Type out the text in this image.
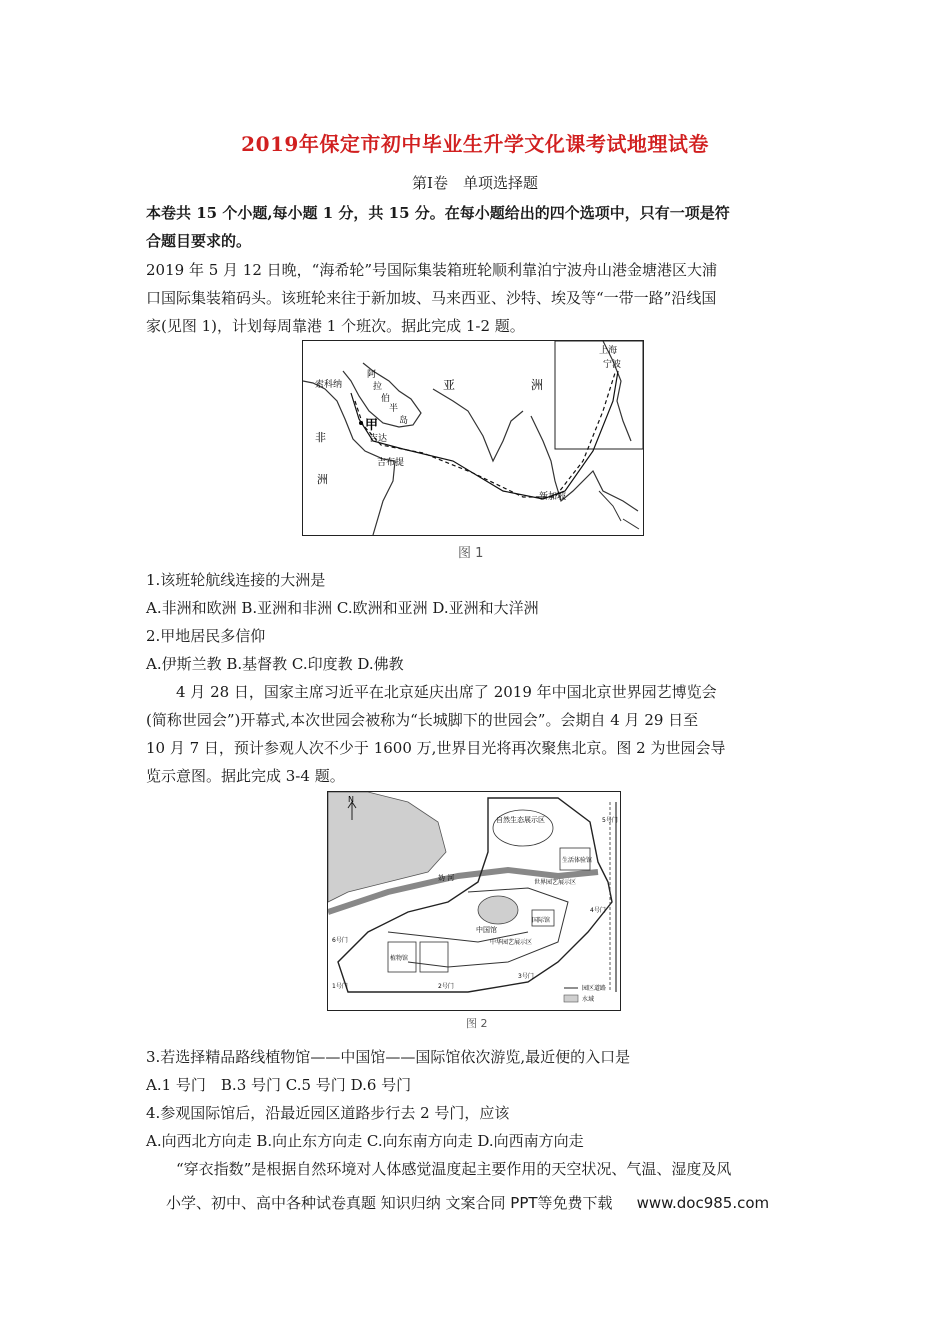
2019年保定市初中毕业生升学文化课考试地理试卷
第Ⅰ卷　单项选择题
本卷共 15 个小题,每小题 1 分，共 15 分。在每小题给出的四个选项中，只有一项是符
合题目要求的。
2019 年 5 月 12 日晚，“海希轮”号国际集装箱班轮顺利靠泊宁波舟山港金塘港区大浦
口国际集装箱码头。该班轮来往于新加坡、马来西亚、沙特、埃及等“一带一路”沿线国
家(见图 1)，计划每周靠港 1 个班次。据此完成 1-2 题。
亚	洲
非
洲
阿
拉
伯
半
岛
索科纳
甲
吉达
吉布提
新加坡
上海
宁波
图 1
1.该班轮航线连接的大洲是
A.非洲和欧洲 B.亚洲和非洲 C.欧洲和亚洲 D.亚洲和大洋洲
2.甲地居民多信仰
A.伊斯兰教 B.基督教 C.印度教 D.佛教
　　4 月 28 日，国家主席习近平在北京延庆出席了 2019 年中国北京世界园艺博览会
(简称世园会”)开幕式,本次世园会被称为“长城脚下的世园会”。会期自 4 月 29 日至
10 月 7 日，预计参观人次不少于 1600 万,世界目光将再次聚焦北京。图 2 为世园会导
览示意图。据此完成 3-4 题。
N
自然生态展示区
生活体验馆
世界园艺展示区
妫 河
中国馆
国际馆
中华园艺展示区
植物馆
1号门	2号门
3号门
4号门
5号门
6号门
园区道路
水域
图 2
3.若选择精品路线植物馆——中国馆——国际馆依次游览,最近便的入口是
A.1 号门　B.3 号门 C.5 号门 D.6 号门
4.参观国际馆后，沿最近园区道路步行去 2 号门，应该
A.向西北方向走 B.向止东方向走 C.向东南方向走 D.向西南方向走
　　“穿衣指数”是根据自然环境对人体感觉温度起主要作用的天空状况、气温、湿度及风
小学、初中、高中各种试卷真题 知识归纳 文案合同 PPT等免费下载 www.doc985.com
